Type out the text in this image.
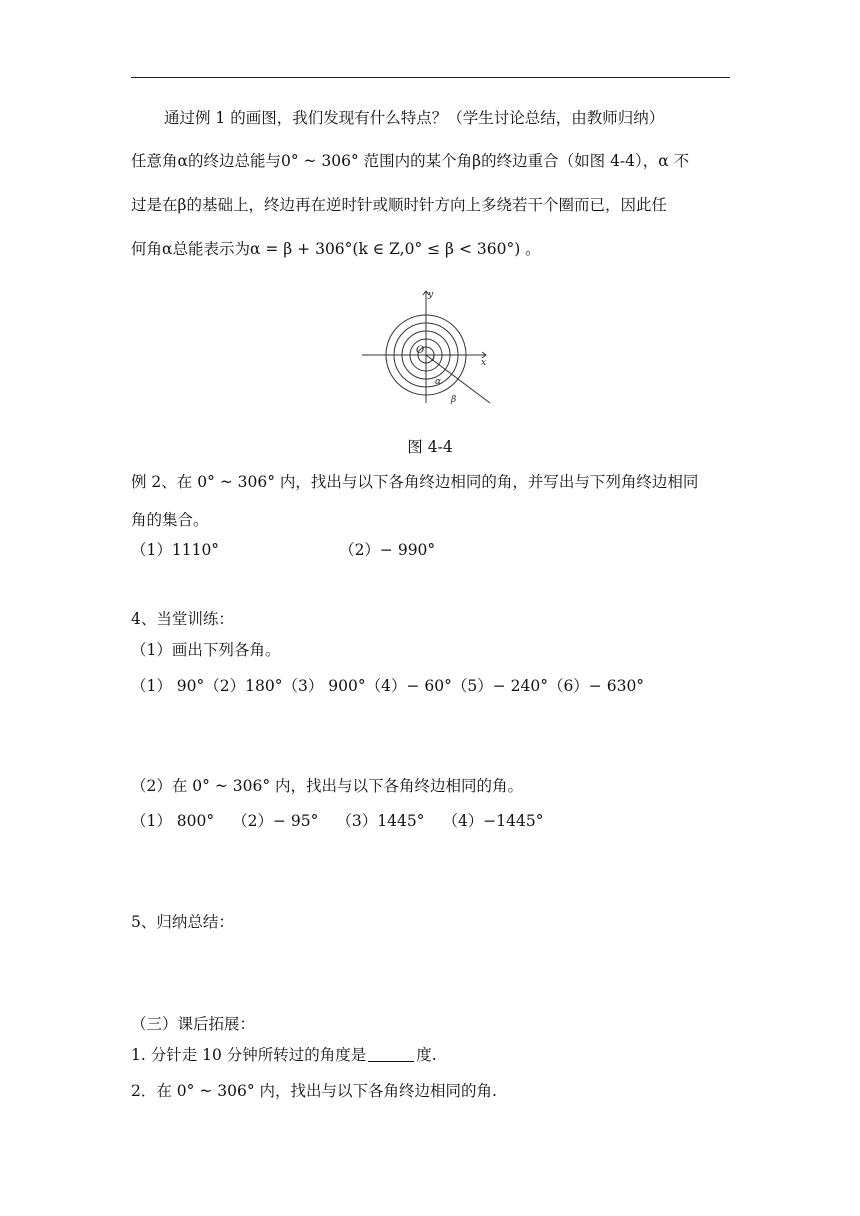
通过例 1 的画图，我们发现有什么特点？（学生讨论总结，由教师归纳）
任意角α的终边总能与0° ~ 306° 范围内的某个角β的终边重合（如图 4-4），α 不
过是在β的基础上，终边再在逆时针或顺时针方向上多绕若干个圈而已，因此任
何角α总能表示为α = β + 306°(k ∈ Z,0° ≤ β < 360°) 。
y
x
O
α
β
图 4-4
例 2、在 0° ~ 306° 内，找出与以下各角终边相同的角，并写出与下列角终边相同
角的集合。
（1）1110°	（2）− 990°
4、当堂训练：
（1）画出下列各角。
（1） 90°（2）180°（3） 900°（4）− 60°（5）− 240°（6）− 630°
（2）在 0° ~ 306° 内，找出与以下各角终边相同的角。
（1） 800° （2）− 95° （3）1445° （4）−1445°
5、归纳总结：
（三）课后拓展：
1. 分针走 10 分钟所转过的角度是	度.
2．在 0° ~ 306° 内，找出与以下各角终边相同的角.
